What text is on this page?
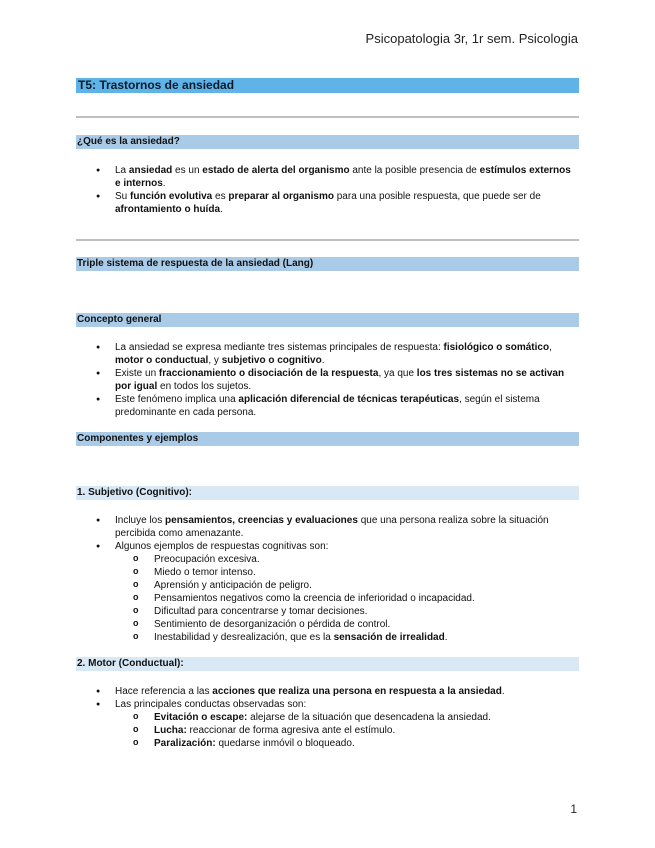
Psicopatologia 3r, 1r sem. Psicologia
T5: Trastornos de ansiedad
¿Qué es la ansiedad?
● La ansiedad es un estado de alerta del organismo ante la posible presencia de estímulos externos e internos.
● Su función evolutiva es preparar al organismo para una posible respuesta, que puede ser de afrontamiento o huída.
Triple sistema de respuesta de la ansiedad (Lang)
Concepto general
● La ansiedad se expresa mediante tres sistemas principales de respuesta: fisiológico o somático, motor o conductual, y subjetivo o cognitivo.
● Existe un fraccionamiento o disociación de la respuesta, ya que los tres sistemas no se activan por igual en todos los sujetos.
● Este fenómeno implica una aplicación diferencial de técnicas terapéuticas, según el sistema predominante en cada persona.
Componentes y ejemplos
1. Subjetivo (Cognitivo):
● Incluye los pensamientos, creencias y evaluaciones que una persona realiza sobre la situación percibida como amenazante.
● Algunos ejemplos de respuestas cognitivas son:
o Preocupación excesiva.
o Miedo o temor intenso.
o Aprensión y anticipación de peligro.
o Pensamientos negativos como la creencia de inferioridad o incapacidad.
o Dificultad para concentrarse y tomar decisiones.
o Sentimiento de desorganización o pérdida de control.
o Inestabilidad y desrealización, que es la sensación de irrealidad.
2. Motor (Conductual):
● Hace referencia a las acciones que realiza una persona en respuesta a la ansiedad.
● Las principales conductas observadas son:
o Evitación o escape: alejarse de la situación que desencadena la ansiedad.
o Lucha: reaccionar de forma agresiva ante el estímulo.
o Paralización: quedarse inmóvil o bloqueado.
1
